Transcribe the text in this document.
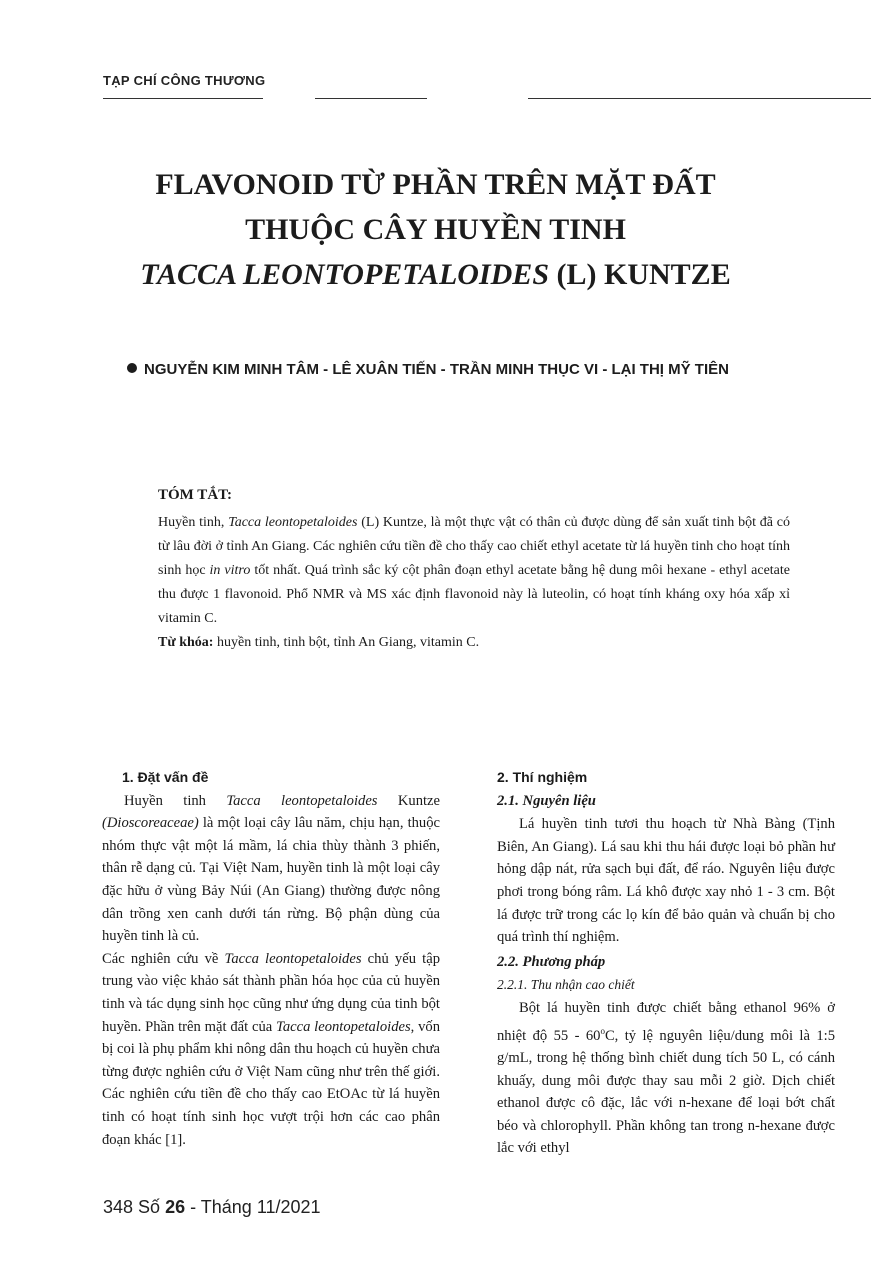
TẠP CHÍ CÔNG THƯƠNG
FLAVONOID TỪ PHẦN TRÊN MẶT ĐẤT
THUỘC CÂY HUYỀN TINH
TACCA LEONTOPETALOIDES (L) KUNTZE
NGUYỄN KIM MINH TÂM - LÊ XUÂN TIẾN - TRẦN MINH THỤC VI - LẠI THỊ MỸ TIÊN
TÓM TẮT:

Huyền tinh, Tacca leontopetaloides (L) Kuntze, là một thực vật có thân củ được dùng để sản xuất tinh bột đã có từ lâu đời ở tỉnh An Giang. Các nghiên cứu tiền đề cho thấy cao chiết ethyl acetate từ lá huyền tinh cho hoạt tính sinh học in vitro tốt nhất. Quá trình sắc ký cột phân đoạn ethyl acetate bằng hệ dung môi hexane - ethyl acetate thu được 1 flavonoid. Phổ NMR và MS xác định flavonoid này là luteolin, có hoạt tính kháng oxy hóa xấp xỉ vitamin C.

Từ khóa: huyền tinh, tinh bột, tỉnh An Giang, vitamin C.

1. Đặt vấn đề

Huyền tinh Tacca leontopetaloides Kuntze (Dioscoreaceae) là một loại cây lâu năm, chịu hạn, thuộc nhóm thực vật một lá mầm, lá chia thùy thành 3 phiến, thân rễ dạng củ. Tại Việt Nam, huyền tinh là một loại cây đặc hữu ở vùng Bảy Núi (An Giang) thường được nông dân trồng xen canh dưới tán rừng. Bộ phận dùng của huyền tinh là củ.

Các nghiên cứu về Tacca leontopetaloides chủ yếu tập trung vào việc khảo sát thành phần hóa học của củ huyền tinh và tác dụng sinh học cũng như ứng dụng của tinh bột huyền. Phần trên mặt đất của Tacca leontopetaloides, vốn bị coi là phụ phẩm khi nông dân thu hoạch củ huyền chưa từng được nghiên cứu ở Việt Nam cũng như trên thế giới. Các nghiên cứu tiền đề cho thấy cao EtOAc từ lá huyền tinh có hoạt tính sinh học vượt trội hơn các cao phân đoạn khác [1].

2. Thí nghiệm
2.1. Nguyên liệu

Lá huyền tinh tươi thu hoạch từ Nhà Bàng (Tịnh Biên, An Giang). Lá sau khi thu hái được loại bỏ phần hư hỏng dập nát, rửa sạch bụi đất, để ráo. Nguyên liệu được phơi trong bóng râm. Lá khô được xay nhỏ 1 - 3 cm. Bột lá được trữ trong các lọ kín để bảo quản và chuẩn bị cho quá trình thí nghiệm.

2.2. Phương pháp
2.2.1. Thu nhận cao chiết

Bột lá huyền tinh được chiết bằng ethanol 96% ở nhiệt độ 55 - 60$^o$C, tỷ lệ nguyên liệu/dung môi là 1:5 g/mL, trong hệ thống bình chiết dung tích 50 L, có cánh khuấy, dung môi được thay sau mỗi 2 giờ. Dịch chiết ethanol được cô đặc, lắc với n-hexane để loại bớt chất béo và chlorophyll. Phần không tan trong n-hexane được lắc với ethyl

348 Số 26 - Tháng 11/2021
